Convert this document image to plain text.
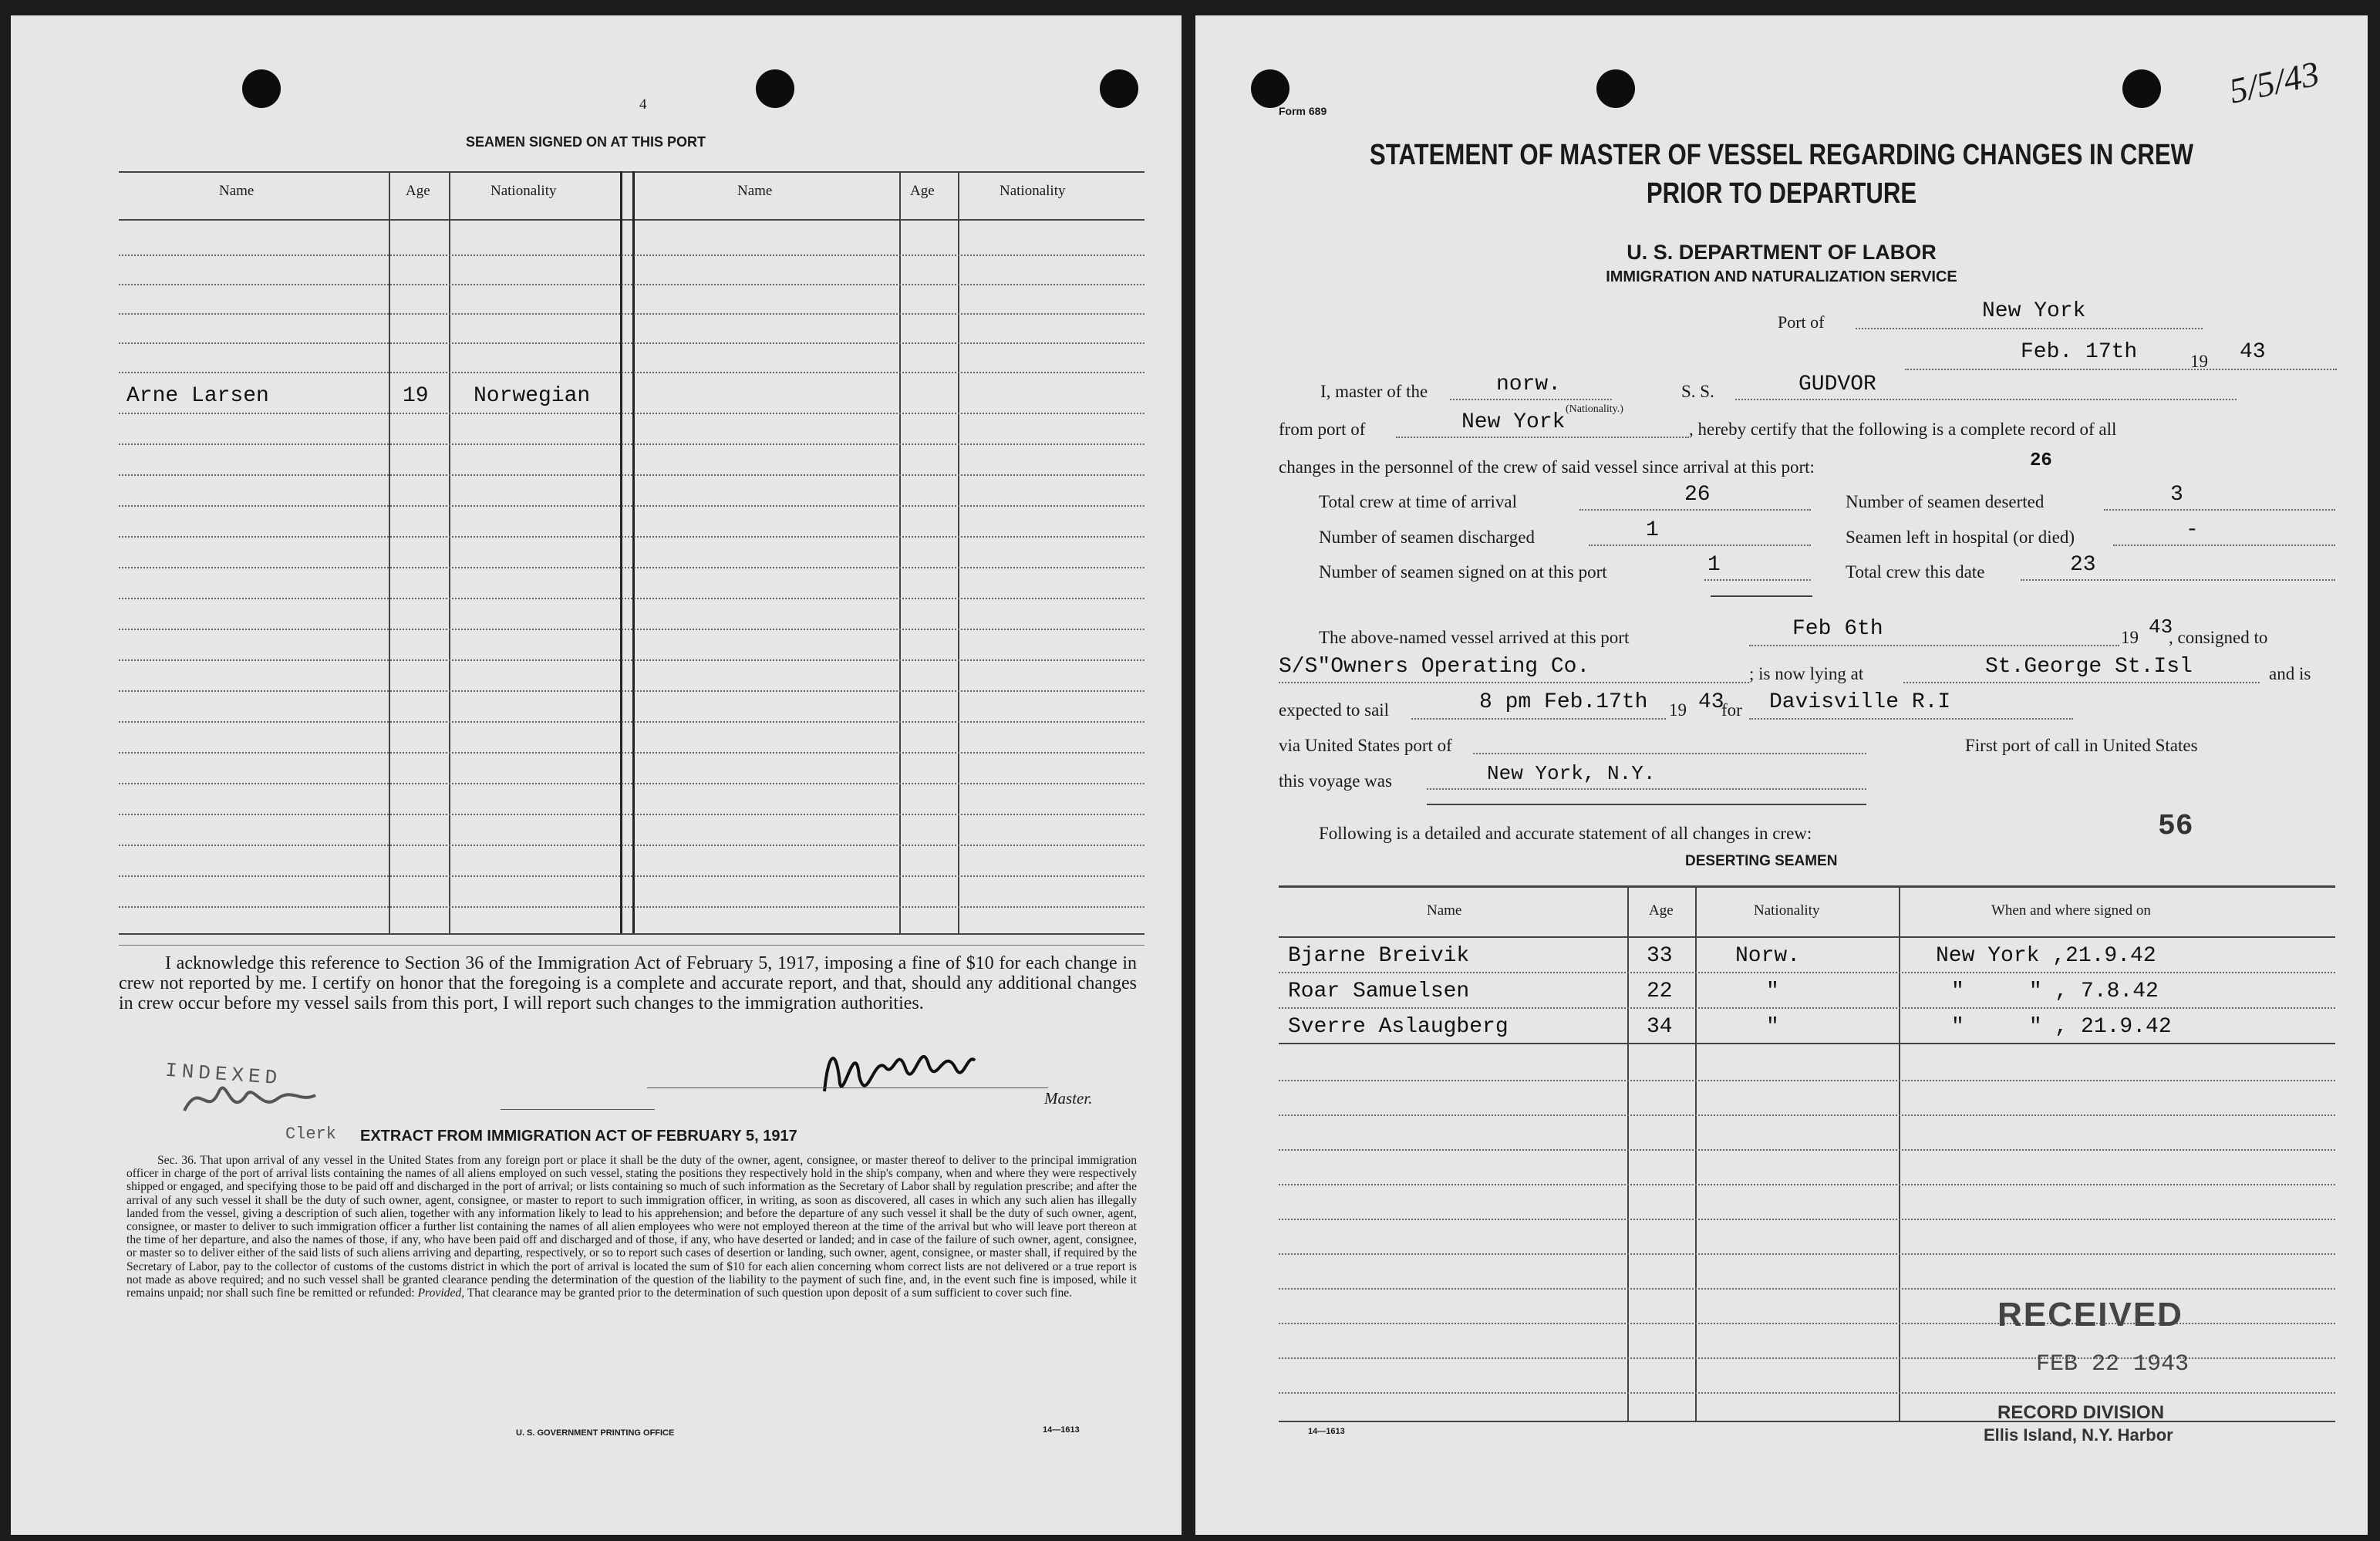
4
SEAMEN SIGNED ON AT THIS PORT
Name	Age	Nationality	Name	Age	Nationality
Arne Larsen	19 Norwegian
I acknowledge this reference to Section 36 of the Immigration Act of February 5, 1917, imposing a fine of $10 for each change in crew not reported by me. I certify on honor that the foregoing is a complete and accurate report, and that, should any additional changes in crew occur before my vessel sails from this port, I will report such changes to the immigration authorities.
INDEXED
Clerk
Master.
EXTRACT FROM IMMIGRATION ACT OF FEBRUARY 5, 1917
Sec. 36. That upon arrival of any vessel in the United States from any foreign port or place it shall be the duty of the owner, agent, consignee, or master thereof to deliver to the principal immigration officer in charge of the port of arrival lists containing the names of all aliens employed on such vessel, stating the positions they respectively hold in the ship's company, when and where they were respectively shipped or engaged, and specifying those to be paid off and discharged in the port of arrival; or lists containing so much of such information as the Secretary of Labor shall by regulation prescribe; and after the arrival of any such vessel it shall be the duty of such owner, agent, consignee, or master to report to such immigration officer, in writing, as soon as discovered, all cases in which any such alien has illegally landed from the vessel, giving a description of such alien, together with any information likely to lead to his apprehension; and before the departure of any such vessel it shall be the duty of such owner, agent, consignee, or master to deliver to such immigration officer a further list containing the names of all alien employees who were not employed thereon at the time of the arrival but who will leave port thereon at the time of her departure, and also the names of those, if any, who have been paid off and discharged and of those, if any, who have deserted or landed; and in case of the failure of such owner, agent, consignee, or master so to deliver either of the said lists of such aliens arriving and departing, respectively, or so to report such cases of desertion or landing, such owner, agent, consignee, or master shall, if required by the Secretary of Labor, pay to the collector of customs of the customs district in which the port of arrival is located the sum of $10 for each alien concerning whom correct lists are not delivered or a true report is not made as above required; and no such vessel shall be granted clearance pending the determination of the question of the liability to the payment of such fine, and, in the event such fine is imposed, while it remains unpaid; nor shall such fine be remitted or refunded: Provided, That clearance may be granted prior to the determination of such question upon deposit of a sum sufficient to cover such fine.
U. S. GOVERNMENT PRINTING OFFICE	14—1613
Form 689
5/5/43
STATEMENT OF MASTER OF VESSEL REGARDING CHANGES IN CREW
PRIOR TO DEPARTURE
U. S. DEPARTMENT OF LABOR
IMMIGRATION AND NATURALIZATION SERVICE
Port of	New York
Feb. 17th	19 43
I, master of the	norw.	S. S.	GUDVOR
(Nationality.)
from port of	New York	, hereby certify that the following is a complete record of all
changes in the personnel of the crew of said vessel since arrival at this port:	26
Total crew at time of arrival	26	Number of seamen deserted	3
Number of seamen discharged	1	Seamen left in hospital (or died)	-
Number of seamen signed on at this port	1	Total crew this date	23
The above-named vessel arrived at this port	Feb 6th	19 43
, consigned to
S/S"Owners Operating Co.	; is now lying at	St.George St.Isl	and is
expected to sail	8 pm Feb.17th 19 43
for Davisville R.I
via United States port of	First port of call in United States
this voyage was	New York, N.Y.
Following is a detailed and accurate statement of all changes in crew:	56
DESERTING SEAMEN
Name	Age	Nationality	When and where signed on
Bjarne Breivik	33	Norw.	New York ,21.9.42
Roar Samuelsen	22	"	"     " , 7.8.42
Sverre Aslaugberg	34	"	"     " , 21.9.42
RECEIVED
FEB 22 1943
RECORD DIVISION
Ellis Island, N.Y. Harbor
14—1613
